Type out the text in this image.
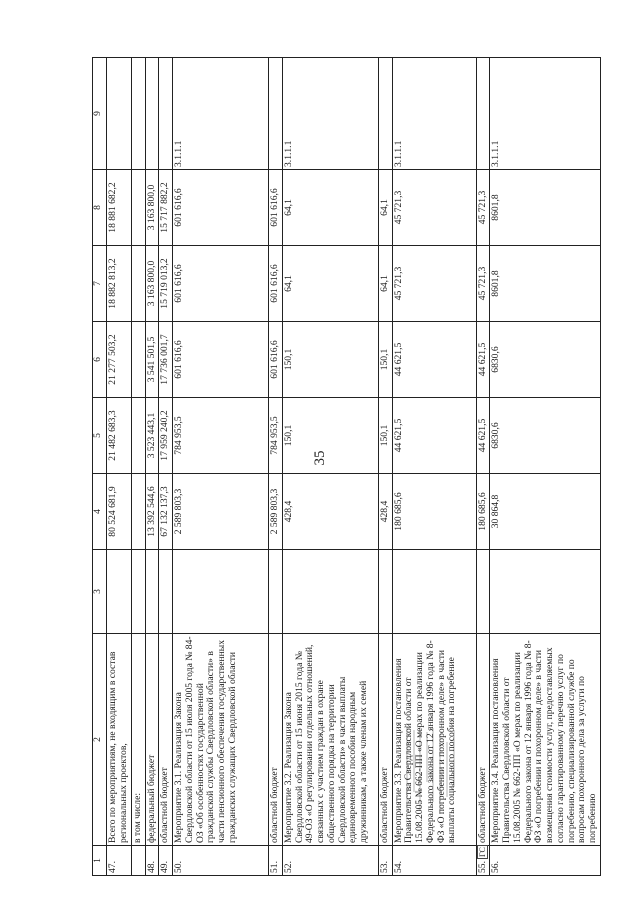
35
1	2	3	4	5	6	7	8	9
47.	Всего по мероприятиям, не входящим в состав региональных проектов,		80 524 681,9	21 482 683,3	21 277 503,2	18 882 813,2	18 881 682,2	
	в том числе:							
48.	федеральный бюджет		13 392 544,6	3 523 443,1	3 541 501,5	3 163 800,0	3 163 800,0	
49.	областной бюджет		67 132 137,3	17 959 240,2	17 736 001,7	15 719 013,2	15 717 882,2	
50.	Мероприятие 3.1. Реализация Закона Свердловской области от 15 июля 2005 года № 84-ОЗ «Об особенностях государственной гражданской службы Свердловской области» в части пенсионного обеспечения государственных гражданских служащих Свердловской области		2 589 803,3	784 953,5	601 616,6	601 616,6	601 616,6	3.1.1.1
51.	областной бюджет		2 589 803,3	784 953,5	601 616,6	601 616,6	601 616,6	
52.	Мероприятие 3.2. Реализация Закона Свердловской области от 15 июня 2015 года № 49-ОЗ «О регулировании отдельных отношений, связанных с участием граждан в охране общественного порядка на территории Свердловской области» в части выплаты единовременного пособия народным дружинникам, а также членам их семей		428,4	150,1	150,1	64,1	64,1	3.1.1.1
53.	областной бюджет		428,4	150,1	150,1	64,1	64,1	
54.	Мероприятие 3.3. Реализация постановления Правительства Свердловской области от 15.08.2005 № 662-ПП «О мерах по реализации Федерального закона от 12 января 1996 года № 8-ФЗ «О погребении и похоронном деле» в части выплаты социального пособия на погребение		180 685,6	44 621,5	44 621,5	45 721,3	45 721,3	3.1.1.1
55.ГС	областной бюджет		180 685,6	44 621,5	44 621,5	45 721,3	45 721,3	
56.	Мероприятие 3.4. Реализация постановления Правительства Свердловской области от 15.08.2005 № 662-ПП «О мерах по реализации Федерального закона от 12 января 1996 года № 8-ФЗ «О погребении и похоронном деле» в части возмещения стоимости услуг, предоставляемых согласно гарантированному перечню услуг по погребению, специализированной службе по вопросам похоронного дела за услуги по погребению		30 864,8	6830,6	6830,6	8601,8	8601,8	3.1.1.1
